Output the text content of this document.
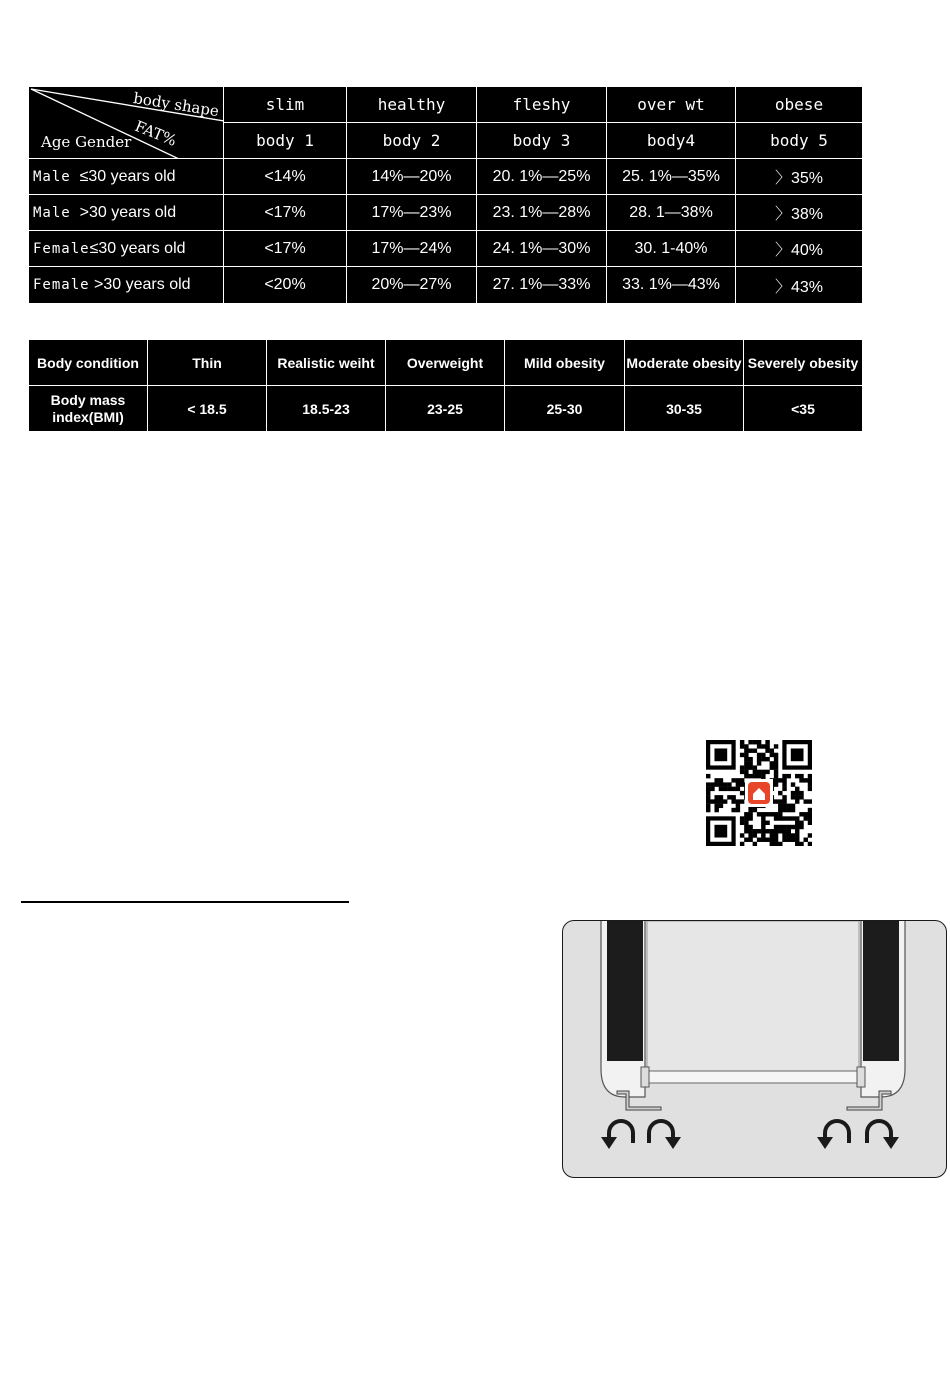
body shape
FAT%
Age Gender	slim	healthy	fleshy	over wt	obese
	body 1	body 2	body 3	body4	body 5
Male ≤30 years old	<14%	14%—20%	20. 1%—25%	25. 1%—35%	〉35%
Male >30 years old	<17%	17%—23%	23. 1%—28%	28. 1—38%	〉38%
Female≤30 years old	<17%	17%—24%	24. 1%—30%	30. 1-40%	〉40%
Female >30 years old	<20%	20%—27%	27. 1%—33%	33. 1%—43%	〉43%
Body condition	Thin	Realistic weiht	Overweight	Mild obesity	Moderate obesity	Severely obesity
Body mass index(BMI)	< 18.5	18.5-23	23-25	25-30	30-35	<35
